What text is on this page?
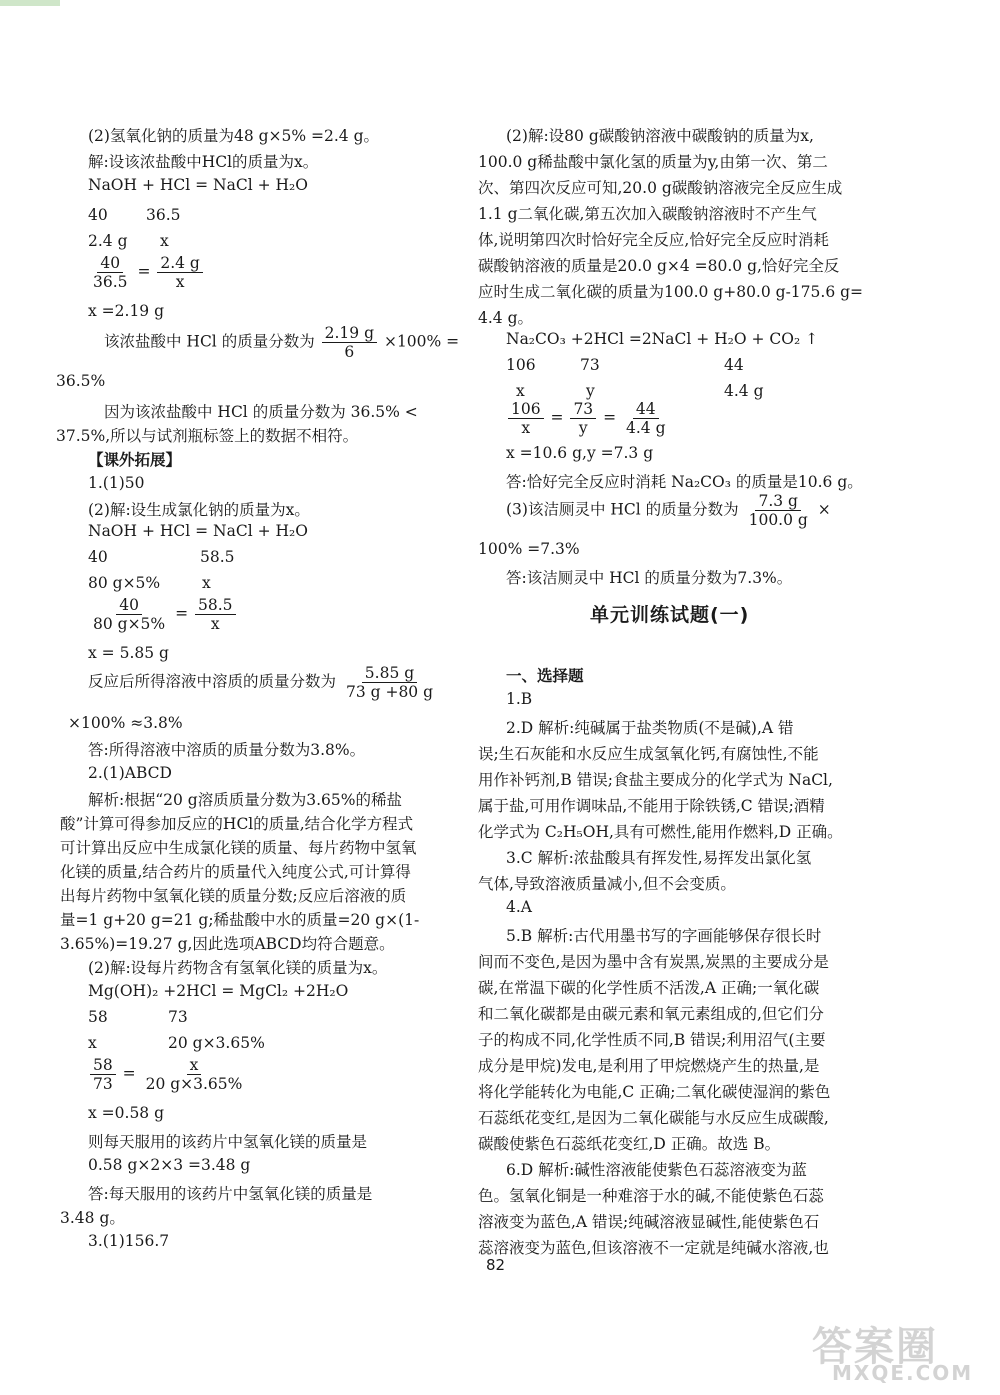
(2)氢氧化钠的质量为48 g×5% =2.4 g。
解:设该浓盐酸中HCl的质量为x。
NaOH + HCl = NaCl + H₂O
40 36.5
2.4 g x
$\frac{40}{36.5} = \frac{2.4 g}{x}$
x =2.19 g
该浓盐酸中 HCl 的质量分数为 $\frac{2.19 g}{6} \times 100\%$ =
36.5%
因为该浓盐酸中 HCl 的质量分数为 36.5% <
37.5%,所以与试剂瓶标签上的数据不相符。
【课外拓展】
1.(1)50
(2)解:设生成氯化钠的质量为x。
NaOH + HCl = NaCl + H₂O
40	58.5
80 g×5%	x
$\frac{40}{80 g\times 5\%} = \frac{58.5}{x}$
x = 5.85 g
反应后所得溶液中溶质的质量分数为 $\frac{5.85 g}{73 g +80 g}$
×100% ≈3.8%
答:所得溶液中溶质的质量分数为3.8%。
2.(1)ABCD
解析:根据“20 g溶质质量分数为3.65%的稀盐
酸”计算可得参加反应的HCl的质量,结合化学方程式
可计算出反应中生成氯化镁的质量、每片药物中氢氧
化镁的质量,结合药片的质量代入纯度公式,可计算得
出每片药物中氢氧化镁的质量分数;反应后溶液的质
量=1 g+20 g=21 g;稀盐酸中水的质量=20 g×(1-
3.65%)=19.27 g,因此选项ABCD均符合题意。
(2)解:设每片药物含有氢氧化镁的质量为x。
Mg(OH)₂ +2HCl = MgCl₂ +2H₂O
58	73
x	20 g×3.65%
$\frac{58}{73} = \frac{x}{20 g\times 3.65\%}$
x =0.58 g
则每天服用的该药片中氢氧化镁的质量是
0.58 g×2×3 =3.48 g
答:每天服用的该药片中氢氧化镁的质量是
3.48 g。
3.(1)156.7
(2)解:设80 g碳酸钠溶液中碳酸钠的质量为x,
100.0 g稀盐酸中氯化氢的质量为y,由第一次、第二
次、第四次反应可知,20.0 g碳酸钠溶液完全反应生成
1.1 g二氧化碳,第五次加入碳酸钠溶液时不产生气
体,说明第四次时恰好完全反应,恰好完全反应时消耗
碳酸钠溶液的质量是20.0 g×4 =80.0 g,恰好完全反
应时生成二氧化碳的质量为100.0 g+80.0 g-175.6 g=
4.4 g。
Na₂CO₃ +2HCl =2NaCl + H₂O + CO₂ ↑
106	73	44
x	y	4.4 g
$\frac{106}{x} = \frac{73}{y} = \frac{44}{4.4 g}$
x =10.6 g,y =7.3 g
答:恰好完全反应时消耗 Na₂CO₃ 的质量是10.6 g。
(3)该洁厕灵中 HCl 的质量分数为 $\frac{7.3 g}{100.0 g}$ ×
100% =7.3%
答:该洁厕灵中 HCl 的质量分数为7.3%。
一、选择题
1.B
2.D 解析:纯碱属于盐类物质(不是碱),A 错
误;生石灰能和水反应生成氢氧化钙,有腐蚀性,不能
用作补钙剂,B 错误;食盐主要成分的化学式为 NaCl,
属于盐,可用作调味品,不能用于除铁锈,C 错误;酒精
化学式为 C₂H₅OH,具有可燃性,能用作燃料,D 正确。
3.C 解析:浓盐酸具有挥发性,易挥发出氯化氢
气体,导致溶液质量减小,但不会变质。
4.A
5.B 解析:古代用墨书写的字画能够保存很长时
间而不变色,是因为墨中含有炭黑,炭黑的主要成分是
碳,在常温下碳的化学性质不活泼,A 正确;一氧化碳
和二氧化碳都是由碳元素和氧元素组成的,但它们分
子的构成不同,化学性质不同,B 错误;利用沼气(主要
成分是甲烷)发电,是利用了甲烷燃烧产生的热量,是
将化学能转化为电能,C 正确;二氧化碳使湿润的紫色
石蕊纸花变红,是因为二氧化碳能与水反应生成碳酸,
碳酸使紫色石蕊纸花变红,D 正确。故选 B。
6.D 解析:碱性溶液能使紫色石蕊溶液变为蓝
色。氢氧化铜是一种难溶于水的碱,不能使紫色石蕊
溶液变为蓝色,A 错误;纯碱溶液显碱性,能使紫色石
蕊溶液变为蓝色,但该溶液不一定就是纯碱水溶液,也
单元训练试题(一)
82
答案圈
MXQE.COM
